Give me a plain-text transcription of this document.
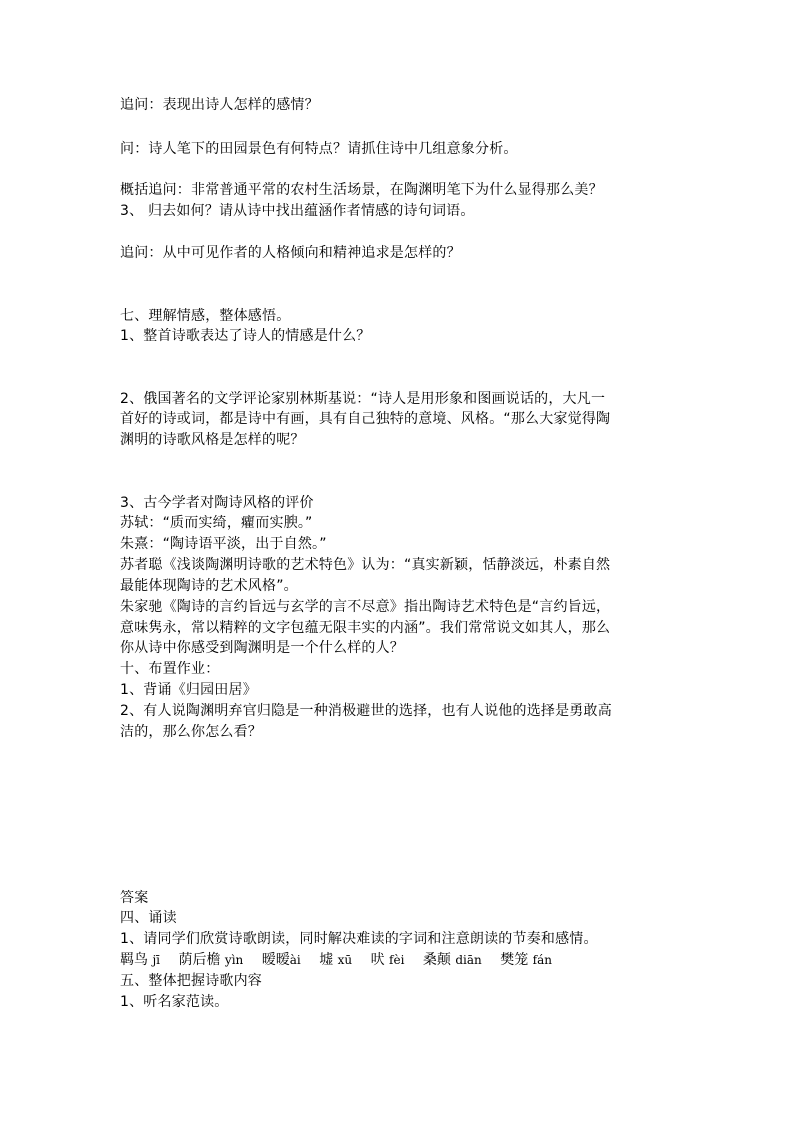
追问：表现出诗人怎样的感情？
问：诗人笔下的田园景色有何特点？请抓住诗中几组意象分析。
概括追问：非常普通平常的农村生活场景，在陶渊明笔下为什么显得那么美？
3、 归去如何？请从诗中找出蕴涵作者情感的诗句词语。
追问：从中可见作者的人格倾向和精神追求是怎样的？
七、理解情感，整体感悟。
1、整首诗歌表达了诗人的情感是什么？
2、俄国著名的文学评论家别林斯基说：“诗人是用形象和图画说话的，大凡一
首好的诗或词，都是诗中有画，具有自己独特的意境、风格。“那么大家觉得陶
渊明的诗歌风格是怎样的呢？
3、古今学者对陶诗风格的评价
苏轼：“质而实绮，癯而实腴。”
朱熹：“陶诗语平淡，出于自然。”
苏者聪《浅谈陶渊明诗歌的艺术特色》认为：“真实新颖，恬静淡远，朴素自然
最能体现陶诗的艺术风格”。
朱家驰《陶诗的言约旨远与玄学的言不尽意》指出陶诗艺术特色是“言约旨远，
意味隽永，常以精粹的文字包蕴无限丰实的内涵”。我们常常说文如其人，那么
你从诗中你感受到陶渊明是一个什么样的人？
十、布置作业：
1、背诵《归园田居》
2、有人说陶渊明弃官归隐是一种消极避世的选择，也有人说他的选择是勇敢高
洁的，那么你怎么看？
答案
四、诵读
1、请同学们欣赏诗歌朗读，同时解决难读的字词和注意朗读的节奏和感情。
羁鸟 jī 荫后檐 yìn 暧暧ài 墟 xū 吠 fèi 桑颠 diān 樊笼 fán
五、整体把握诗歌内容
1、听名家范读。
